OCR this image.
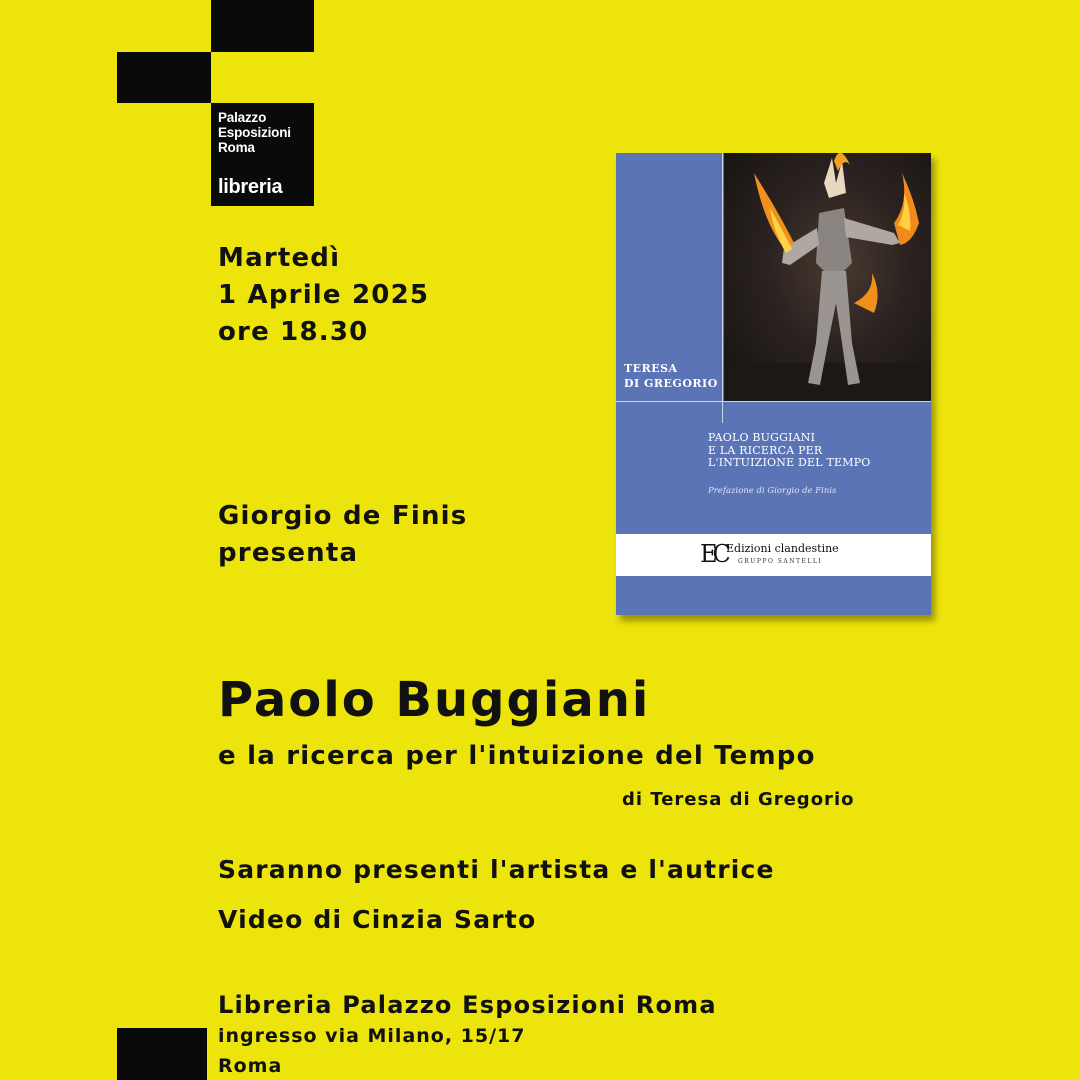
Palazzo
Esposizioni
Roma
libreria
Martedì
1 Aprile 2025
ore 18.30
Giorgio de Finis
presenta
TERESA
DI GREGORIO
PAOLO BUGGIANI
E LA RICERCA PER
L'INTUIZIONE DEL TEMPO
Prefazione di Giorgio de Finis
EC Edizioni clandestine
GRUPPO SANTELLI
Paolo Buggiani
e la ricerca per l'intuizione del Tempo
di Teresa di Gregorio
Saranno presenti l'artista e l'autrice
Video di Cinzia Sarto
Libreria Palazzo Esposizioni Roma
ingresso via Milano, 15/17
Roma
